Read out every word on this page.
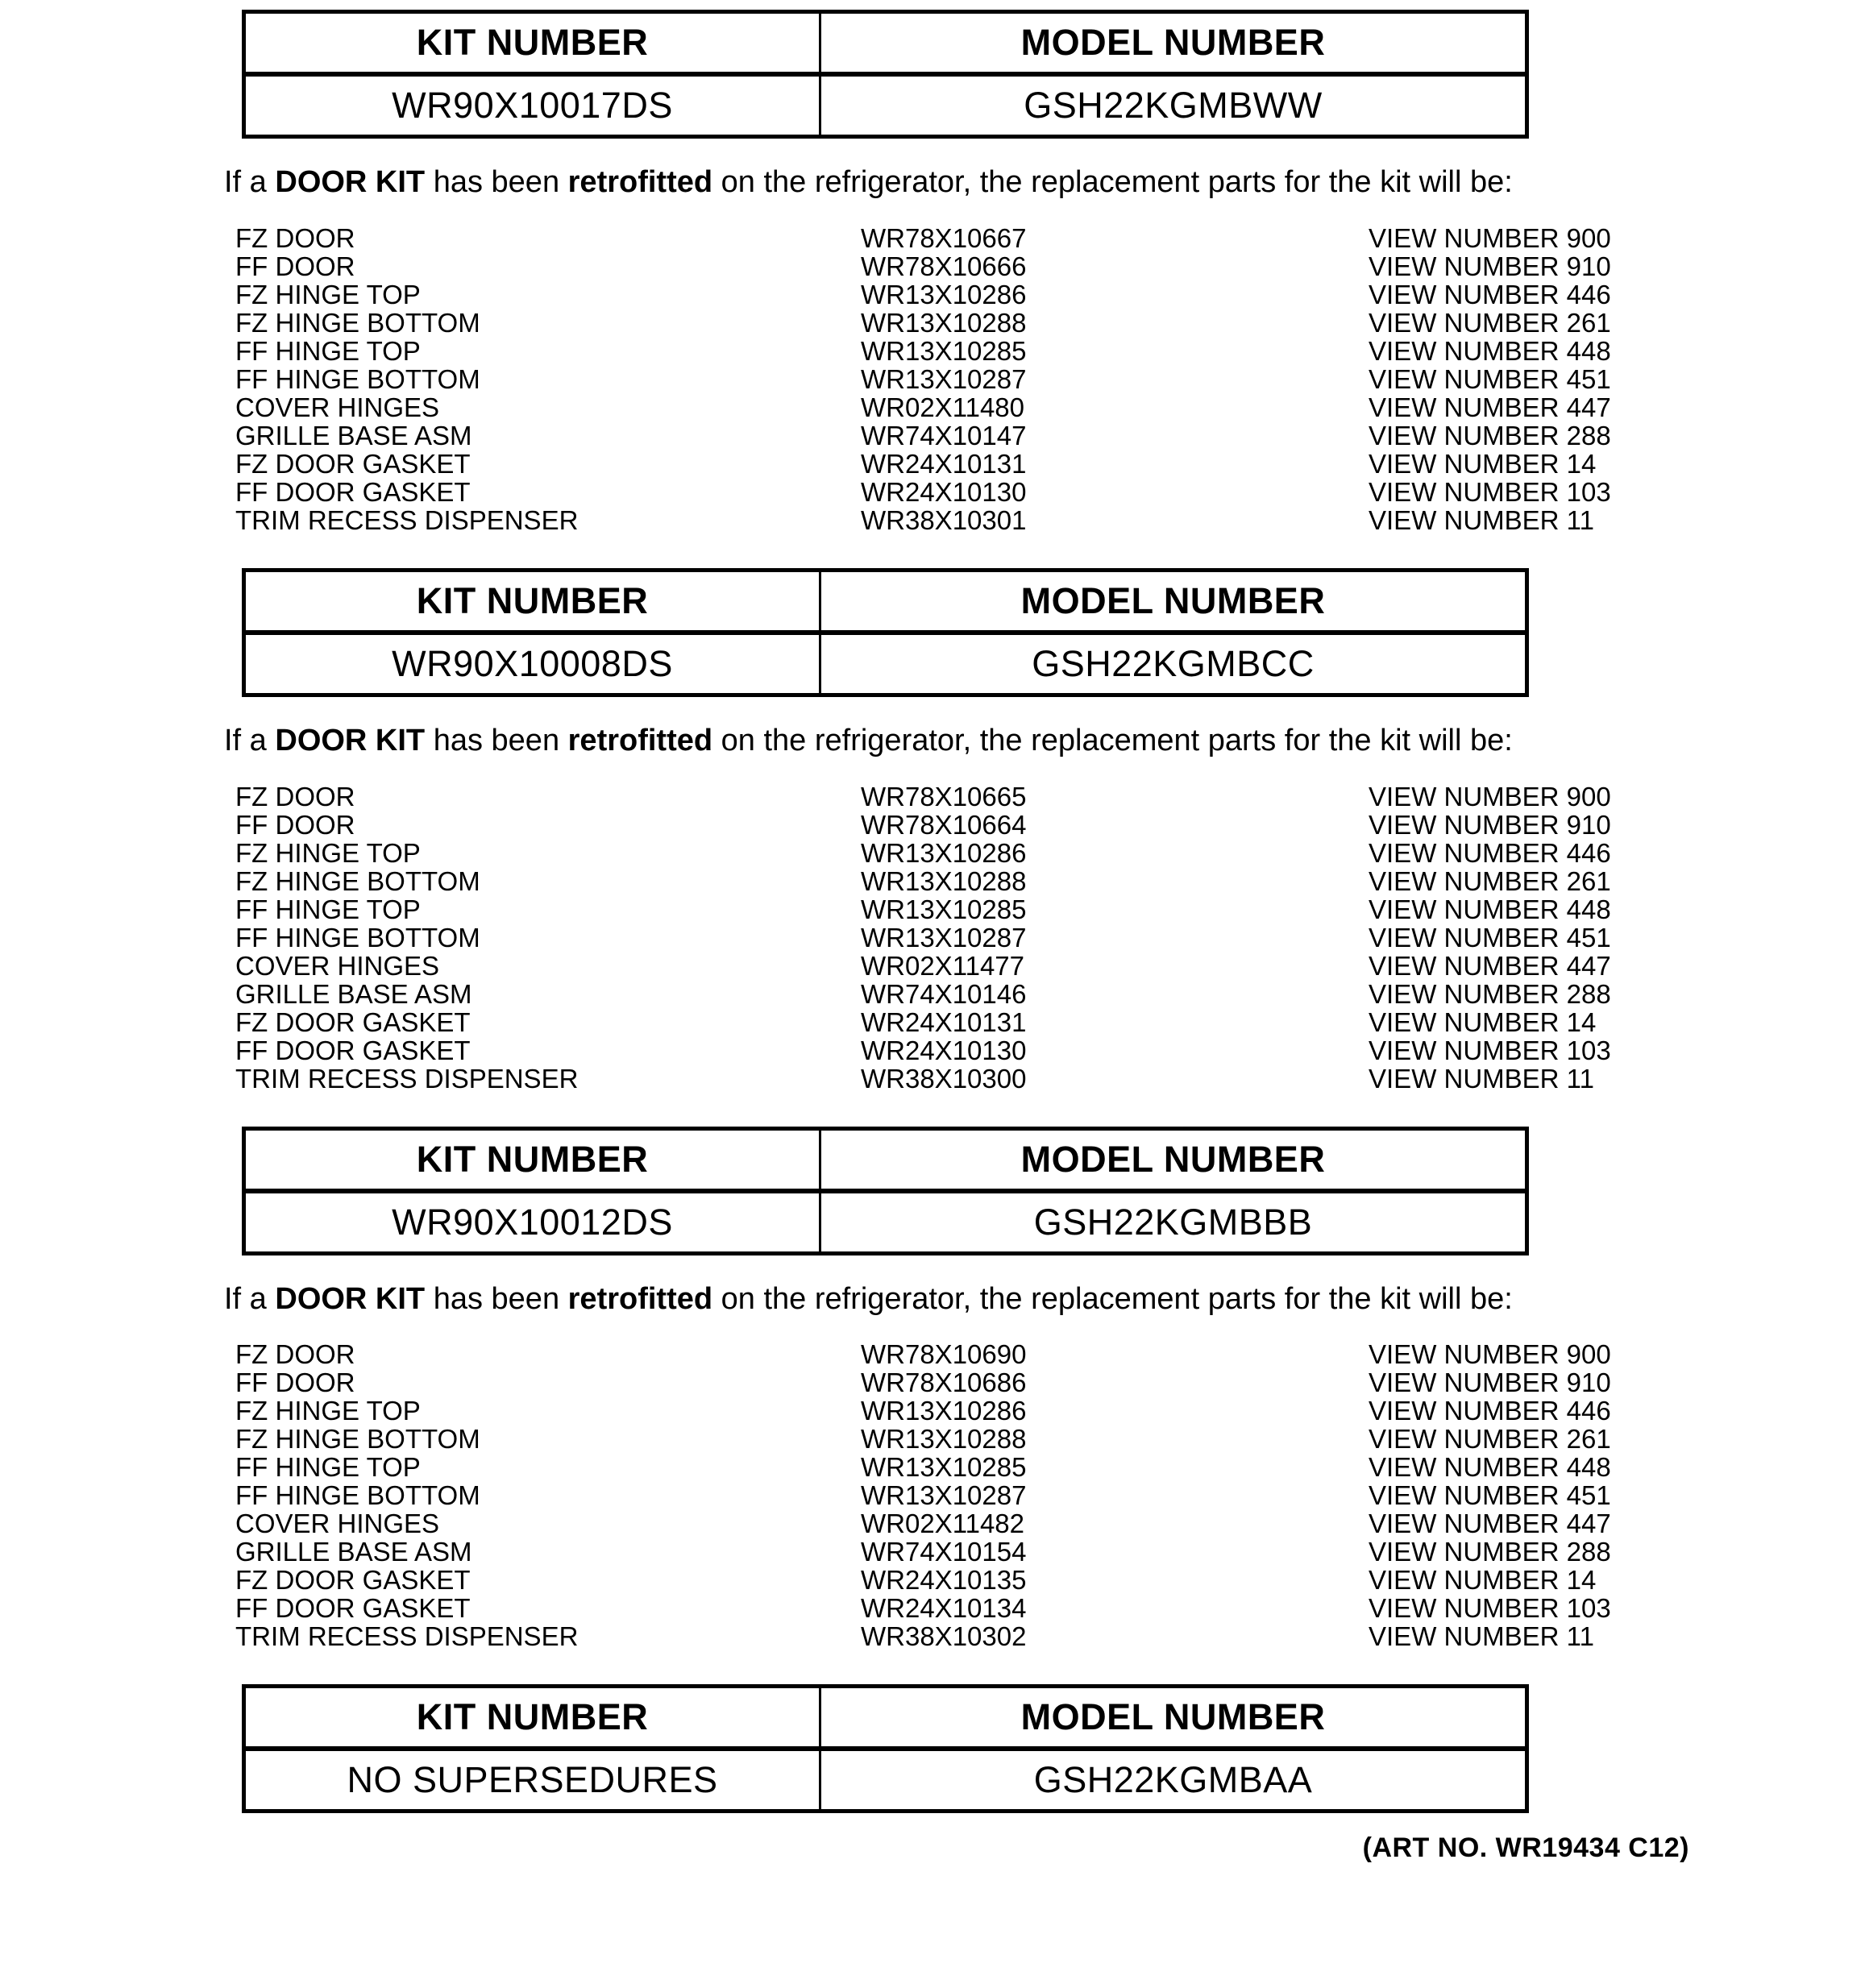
KIT NUMBER	MODEL NUMBER
WR90X10017DS	GSH22KGMBWW

If a DOOR KIT has been retrofitted on the refrigerator, the replacement parts for the kit will be:

FZ DOOR	WR78X10667	VIEW NUMBER 900
FF DOOR	WR78X10666	VIEW NUMBER 910
FZ HINGE TOP	WR13X10286	VIEW NUMBER 446
FZ HINGE BOTTOM	WR13X10288	VIEW NUMBER 261
FF HINGE TOP	WR13X10285	VIEW NUMBER 448
FF HINGE BOTTOM	WR13X10287	VIEW NUMBER 451
COVER HINGES	WR02X11480	VIEW NUMBER 447
GRILLE BASE ASM	WR74X10147	VIEW NUMBER 288
FZ DOOR GASKET	WR24X10131	VIEW NUMBER 14
FF DOOR GASKET	WR24X10130	VIEW NUMBER 103
TRIM RECESS DISPENSER	WR38X10301	VIEW NUMBER 11
KIT NUMBER	MODEL NUMBER
WR90X10008DS	GSH22KGMBCC

If a DOOR KIT has been retrofitted on the refrigerator, the replacement parts for the kit will be:

FZ DOOR	WR78X10665	VIEW NUMBER 900
FF DOOR	WR78X10664	VIEW NUMBER 910
FZ HINGE TOP	WR13X10286	VIEW NUMBER 446
FZ HINGE BOTTOM	WR13X10288	VIEW NUMBER 261
FF HINGE TOP	WR13X10285	VIEW NUMBER 448
FF HINGE BOTTOM	WR13X10287	VIEW NUMBER 451
COVER HINGES	WR02X11477	VIEW NUMBER 447
GRILLE BASE ASM	WR74X10146	VIEW NUMBER 288
FZ DOOR GASKET	WR24X10131	VIEW NUMBER 14
FF DOOR GASKET	WR24X10130	VIEW NUMBER 103
TRIM RECESS DISPENSER	WR38X10300	VIEW NUMBER 11
KIT NUMBER	MODEL NUMBER
WR90X10012DS	GSH22KGMBBB

If a DOOR KIT has been retrofitted on the refrigerator, the replacement parts for the kit will be:

FZ DOOR	WR78X10690	VIEW NUMBER 900
FF DOOR	WR78X10686	VIEW NUMBER 910
FZ HINGE TOP	WR13X10286	VIEW NUMBER 446
FZ HINGE BOTTOM	WR13X10288	VIEW NUMBER 261
FF HINGE TOP	WR13X10285	VIEW NUMBER 448
FF HINGE BOTTOM	WR13X10287	VIEW NUMBER 451
COVER HINGES	WR02X11482	VIEW NUMBER 447
GRILLE BASE ASM	WR74X10154	VIEW NUMBER 288
FZ DOOR GASKET	WR24X10135	VIEW NUMBER 14
FF DOOR GASKET	WR24X10134	VIEW NUMBER 103
TRIM RECESS DISPENSER	WR38X10302	VIEW NUMBER 11
KIT NUMBER	MODEL NUMBER
NO SUPERSEDURES	GSH22KGMBAA
(ART NO. WR19434 C12)
